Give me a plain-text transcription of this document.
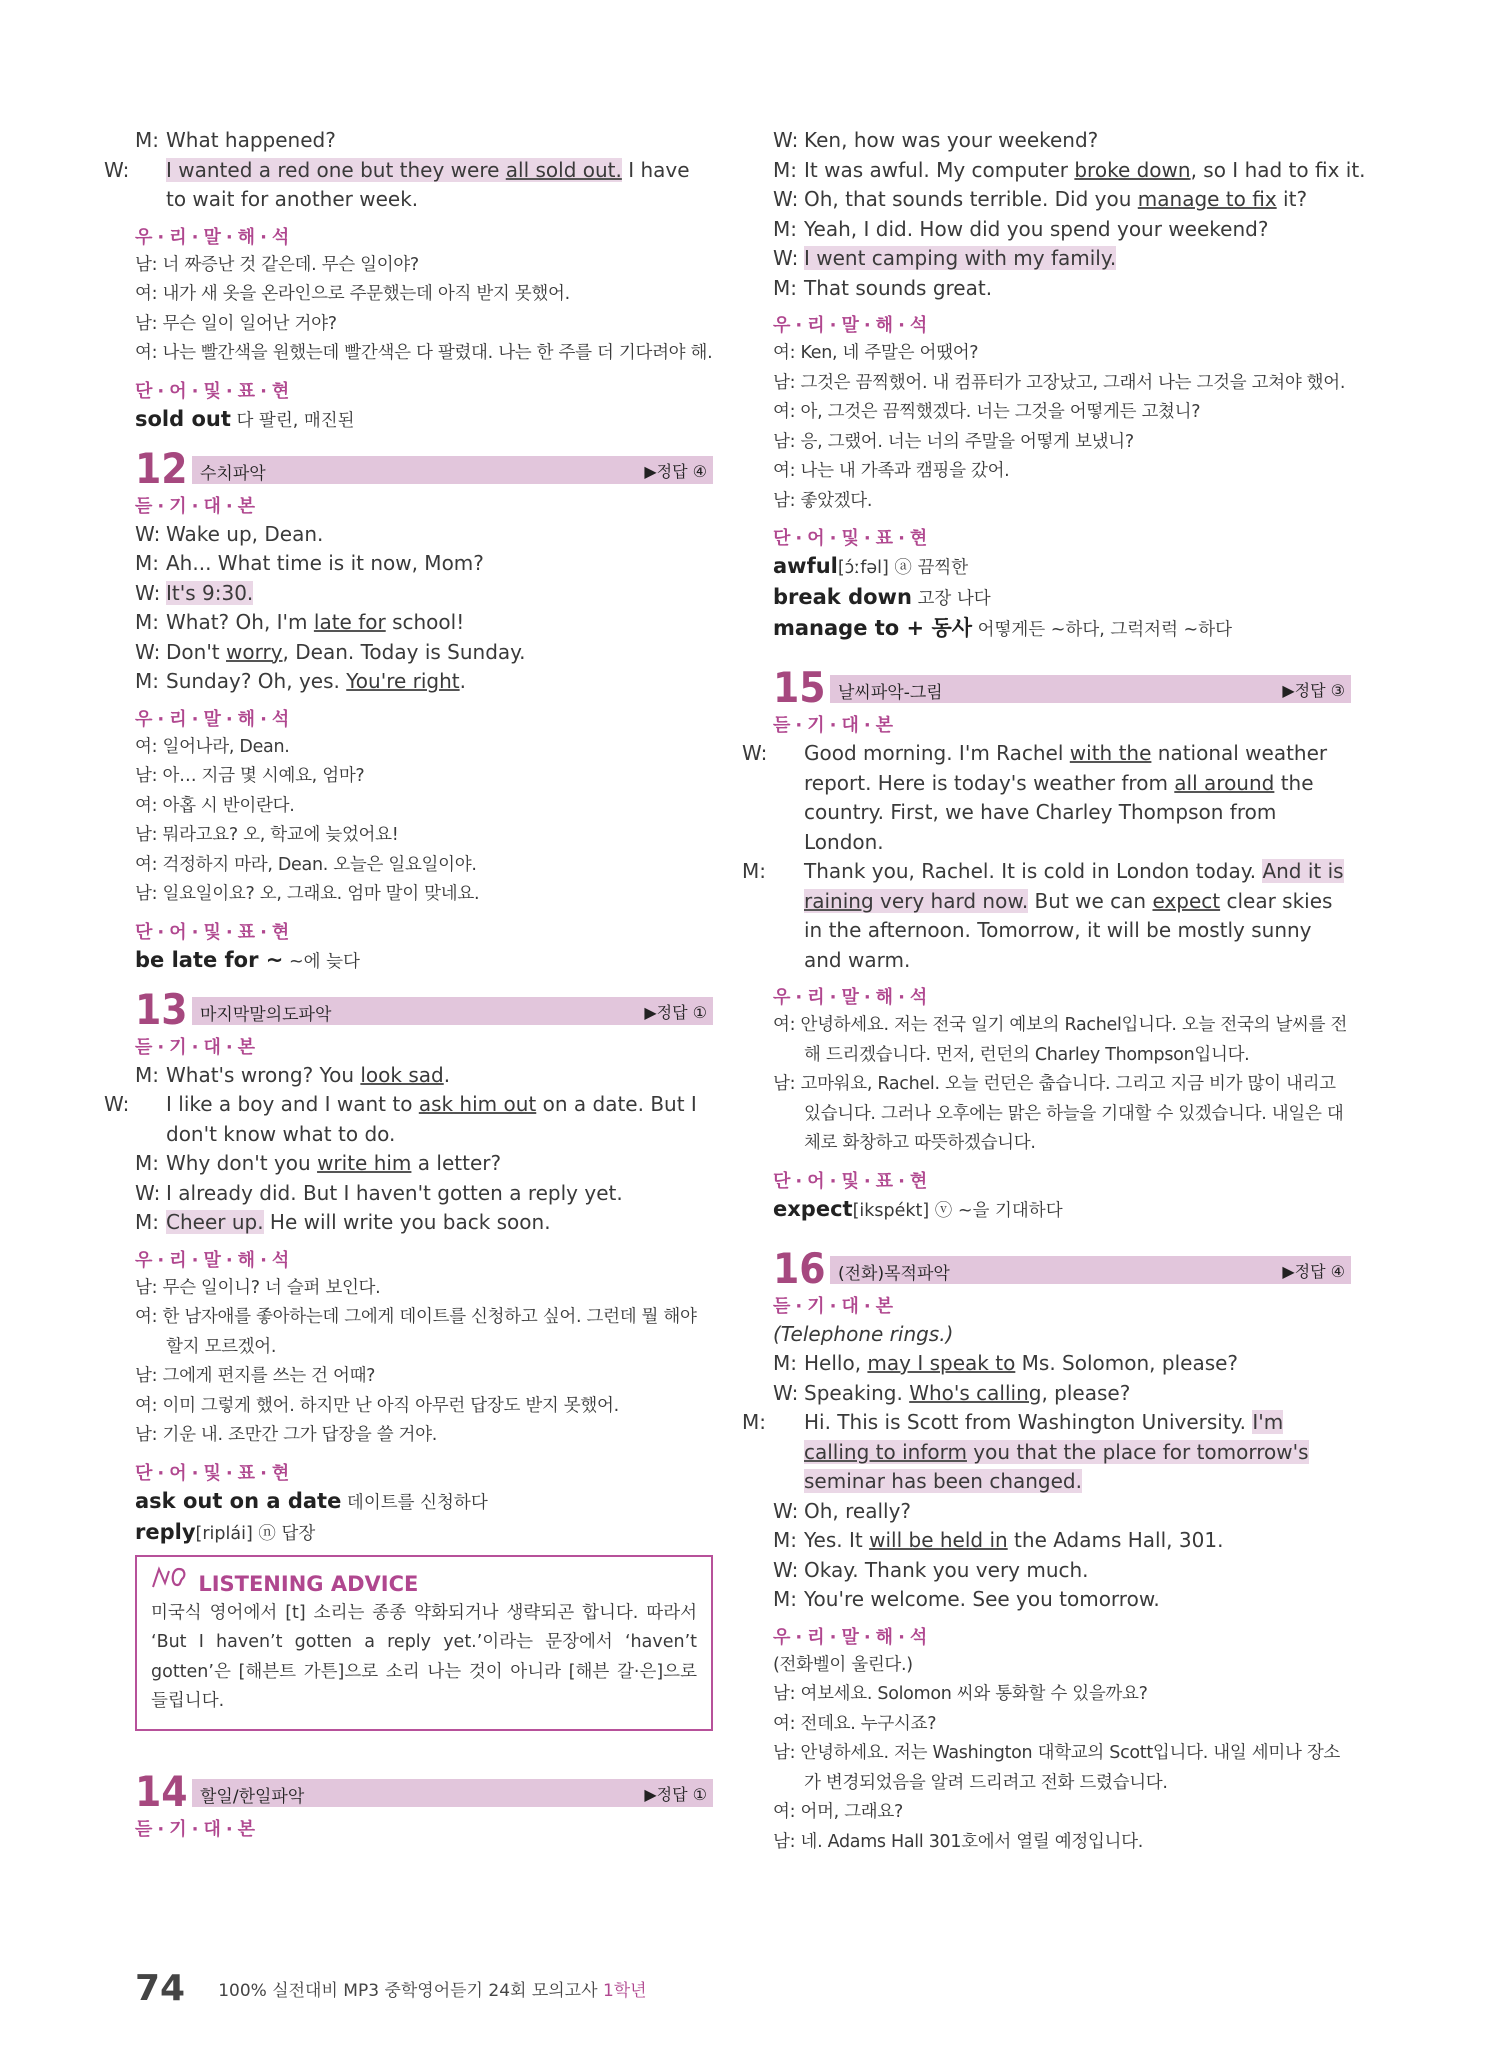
M: What happened?
W: I wanted a red one but they were all sold out. I have to wait for another week.
우·리·말·해·석
남: 너 짜증난 것 같은데. 무슨 일이야?
여: 내가 새 옷을 온라인으로 주문했는데 아직 받지 못했어.
남: 무슨 일이 일어난 거야?
여: 나는 빨간색을 원했는데 빨간색은 다 팔렸대. 나는 한 주를 더 기다려야 해.
단·어·및·표·현
sold out 다 팔린, 매진된
12 수치파악	▶정답 ④
듣·기·대·본
W: Wake up, Dean.
M: Ah... What time is it now, Mom?
W: It's 9:30.
M: What? Oh, I'm late for school!
W: Don't worry, Dean. Today is Sunday.
M: Sunday? Oh, yes. You're right.
우·리·말·해·석
여: 일어나라, Dean.
남: 아… 지금 몇 시예요, 엄마?
여: 아홉 시 반이란다.
남: 뭐라고요? 오, 학교에 늦었어요!
여: 걱정하지 마라, Dean. 오늘은 일요일이야.
남: 일요일이요? 오, 그래요. 엄마 말이 맞네요.
단·어·및·표·현
be late for ~ ~에 늦다
13 마지막말의도파악	▶정답 ①
듣·기·대·본
M: What's wrong? You look sad.
W: I like a boy and I want to ask him out on a date. But I don't know what to do.
M: Why don't you write him a letter?
W: I already did. But I haven't gotten a reply yet.
M: Cheer up. He will write you back soon.
우·리·말·해·석
남: 무슨 일이니? 너 슬퍼 보인다.
여: 한 남자애를 좋아하는데 그에게 데이트를 신청하고 싶어. 그런데 뭘 해야 할지 모르겠어.
남: 그에게 편지를 쓰는 건 어때?
여: 이미 그렇게 했어. 하지만 난 아직 아무런 답장도 받지 못했어.
남: 기운 내. 조만간 그가 답장을 쓸 거야.
단·어·및·표·현
ask out on a date 데이트를 신청하다
reply[riplái] ⓝ 답장
LISTENING ADVICE
미국식 영어에서 [t] 소리는 종종 약화되거나 생략되곤 합니다. 따라서 ‘But I haven’t gotten a reply yet.’이라는 문장에서 ‘haven’t gotten’은 [해븐트 가튼]으로 소리 나는 것이 아니라 [해븐 갈·은]으로 들립니다.
14 할일/한일파악	▶정답 ①
듣·기·대·본
W: Ken, how was your weekend?
M: It was awful. My computer broke down, so I had to fix it.
W: Oh, that sounds terrible. Did you manage to fix it?
M: Yeah, I did. How did you spend your weekend?
W: I went camping with my family.
M: That sounds great.
우·리·말·해·석
여: Ken, 네 주말은 어땠어?
남: 그것은 끔찍했어. 내 컴퓨터가 고장났고, 그래서 나는 그것을 고쳐야 했어.
여: 아, 그것은 끔찍했겠다. 너는 그것을 어떻게든 고쳤니?
남: 응, 그랬어. 너는 너의 주말을 어떻게 보냈니?
여: 나는 내 가족과 캠핑을 갔어.
남: 좋았겠다.
단·어·및·표·현
awful[ɔ́ːfəl] ⓐ 끔찍한
break down 고장 나다
manage to + 동사 어떻게든 ~하다, 그럭저럭 ~하다
15 날씨파악-그림	▶정답 ③
듣·기·대·본
W: Good morning. I'm Rachel with the national weather report. Here is today's weather from all around the country. First, we have Charley Thompson from London.
M: Thank you, Rachel. It is cold in London today. And it is raining very hard now. But we can expect clear skies in the afternoon. Tomorrow, it will be mostly sunny and warm.
우·리·말·해·석
여: 안녕하세요. 저는 전국 일기 예보의 Rachel입니다. 오늘 전국의 날씨를 전해 드리겠습니다. 먼저, 런던의 Charley Thompson입니다.
남: 고마워요, Rachel. 오늘 런던은 춥습니다. 그리고 지금 비가 많이 내리고 있습니다. 그러나 오후에는 맑은 하늘을 기대할 수 있겠습니다. 내일은 대체로 화창하고 따뜻하겠습니다.
단·어·및·표·현
expect[ikspékt] ⓥ ~을 기대하다
16 (전화)목적파악	▶정답 ④
듣·기·대·본
(Telephone rings.)
M: Hello, may I speak to Ms. Solomon, please?
W: Speaking. Who's calling, please?
M: Hi. This is Scott from Washington University. I'm calling to inform you that the place for tomorrow's seminar has been changed.
W: Oh, really?
M: Yes. It will be held in the Adams Hall, 301.
W: Okay. Thank you very much.
M: You're welcome. See you tomorrow.
우·리·말·해·석
(전화벨이 울린다.)
남: 여보세요. Solomon 씨와 통화할 수 있을까요?
여: 전데요. 누구시죠?
남: 안녕하세요. 저는 Washington 대학교의 Scott입니다. 내일 세미나 장소가 변경되었음을 알려 드리려고 전화 드렸습니다.
여: 어머, 그래요?
남: 네. Adams Hall 301호에서 열릴 예정입니다.
74 100% 실전대비 MP3 중학영어듣기 24회 모의고사 1학년
